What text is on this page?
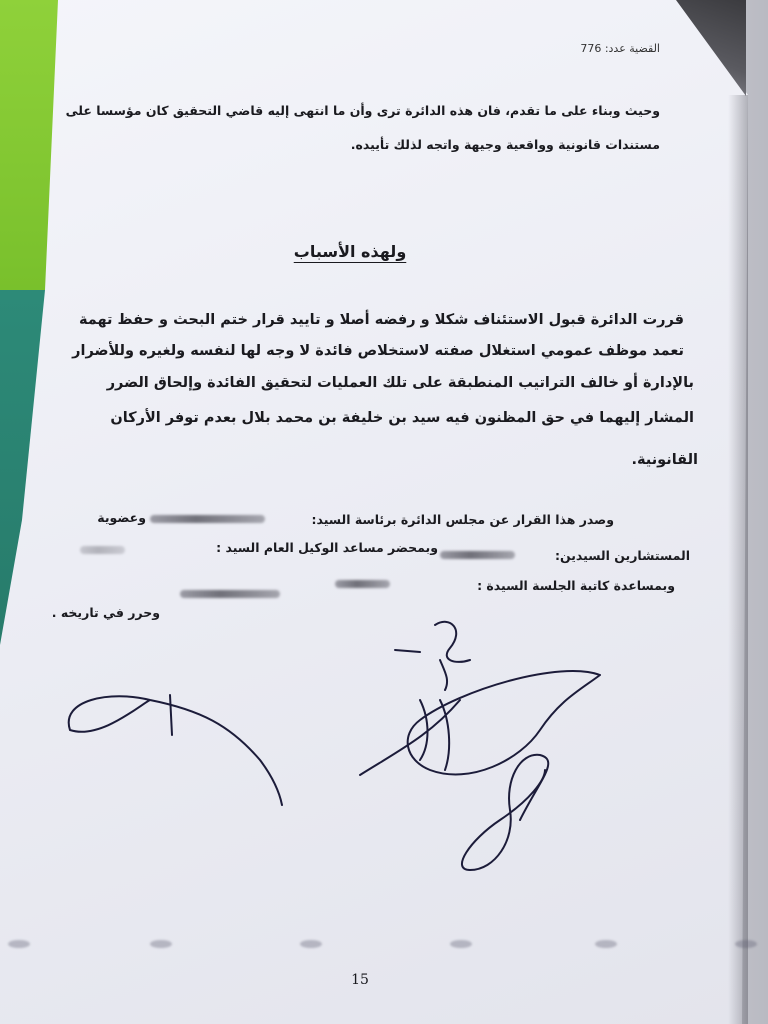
القضية عدد: 776
وحيث وبناء على ما تقدم، فان هذه الدائرة ترى وأن ما انتهى إليه قاضي التحقيق كان مؤسسا على
مستندات قانونية وواقعية وجيهة واتجه لذلك تأييده.
ولهذه الأسباب
قررت الدائرة قبول الاستئناف شكلا و رفضه أصلا و تاييد قرار ختم البحث و حفظ تهمة
تعمد موظف عمومي استغلال صفته لاستخلاص فائدة لا وجه لها لنفسه ولغيره وللأضرار
بالإدارة أو خالف التراتيب المنطبقة على تلك العمليات لتحقيق الفائدة وإلحاق الضرر
المشار إليهما في حق المظنون فيه سيد بن خليفة بن محمد بلال بعدم توفر الأركان
القانونية.
وصدر هذا القرار عن مجلس الدائرة برئاسة السيد:
وعضوية
المستشارين السيدين:
وبمحضر مساعد الوكيل العام السيد :
وبمساعدة كاتبة الجلسة السيدة :
وحرر في تاريخه .
15
